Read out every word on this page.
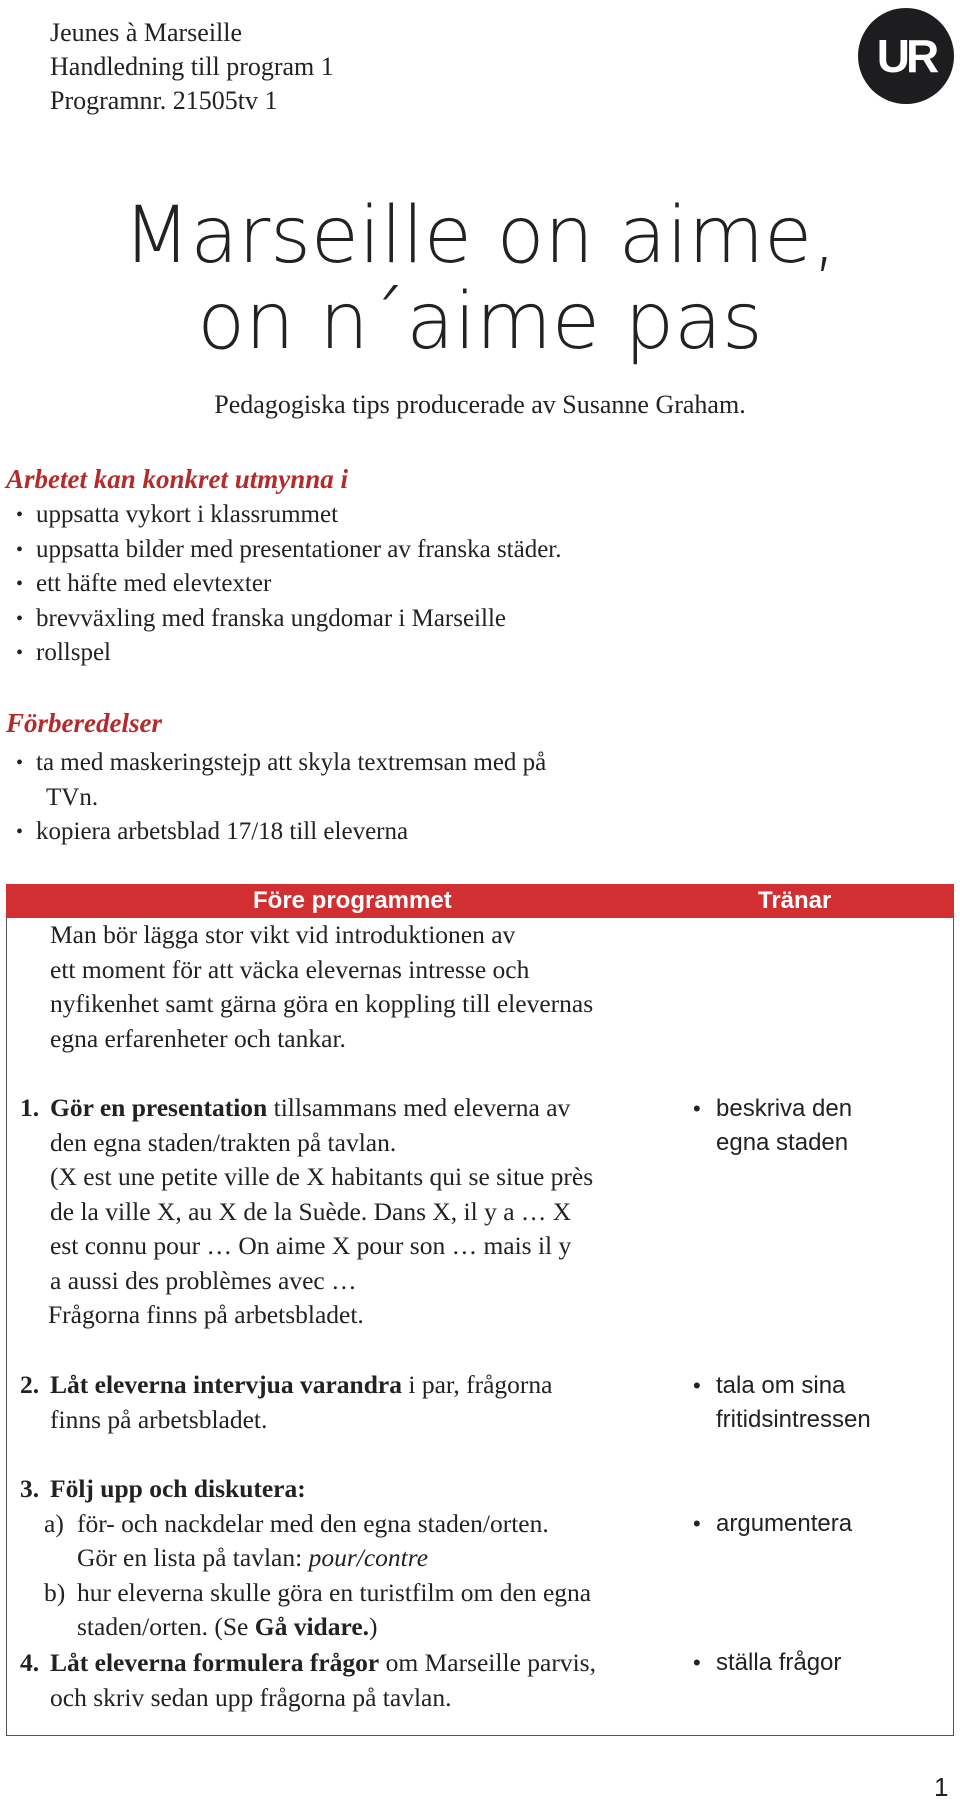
Jeunes à Marseille
Handledning till program 1
Programnr. 21505tv 1
UR
Marseille on aime,
on n´aime pas
Pedagogiska tips producerade av Susanne Graham.
Arbetet kan konkret utmynna i
• uppsatta vykort i klassrummet
• uppsatta bilder med presentationer av franska städer.
• ett häfte med elevtexter
• brevväxling med franska ungdomar i Marseille
• rollspel
Förberedelser
• ta med maskeringstejp att skyla textremsan med på
TVn.
• kopiera arbetsblad 17/18 till eleverna
Före programmet	Tränar
Man bör lägga stor vikt vid introduktionen av
ett moment för att väcka elevernas intresse och
nyfikenhet samt gärna göra en koppling till elevernas
egna erfarenheter och tankar.
1. Gör en presentation tillsammans med eleverna av
den egna staden/trakten på tavlan.
(X est une petite ville de X habitants qui se situe près
de la ville X, au X de la Suède. Dans X, il y a … X
est connu pour … On aime X pour son … mais il y
a aussi des problèmes avec …
Frågorna finns på arbetsbladet.
• beskriva den
egna staden
2. Låt eleverna intervjua varandra i par, frågorna
finns på arbetsbladet.
• tala om sina
fritidsintressen
3. Följ upp och diskutera:
a) för- och nackdelar med den egna staden/orten.
Gör en lista på tavlan: pour/contre
b) hur eleverna skulle göra en turistfilm om den egna
staden/orten. (Se Gå vidare.)
• argumentera
4. Låt eleverna formulera frågor om Marseille parvis,
och skriv sedan upp frågorna på tavlan.
• ställa frågor
1
